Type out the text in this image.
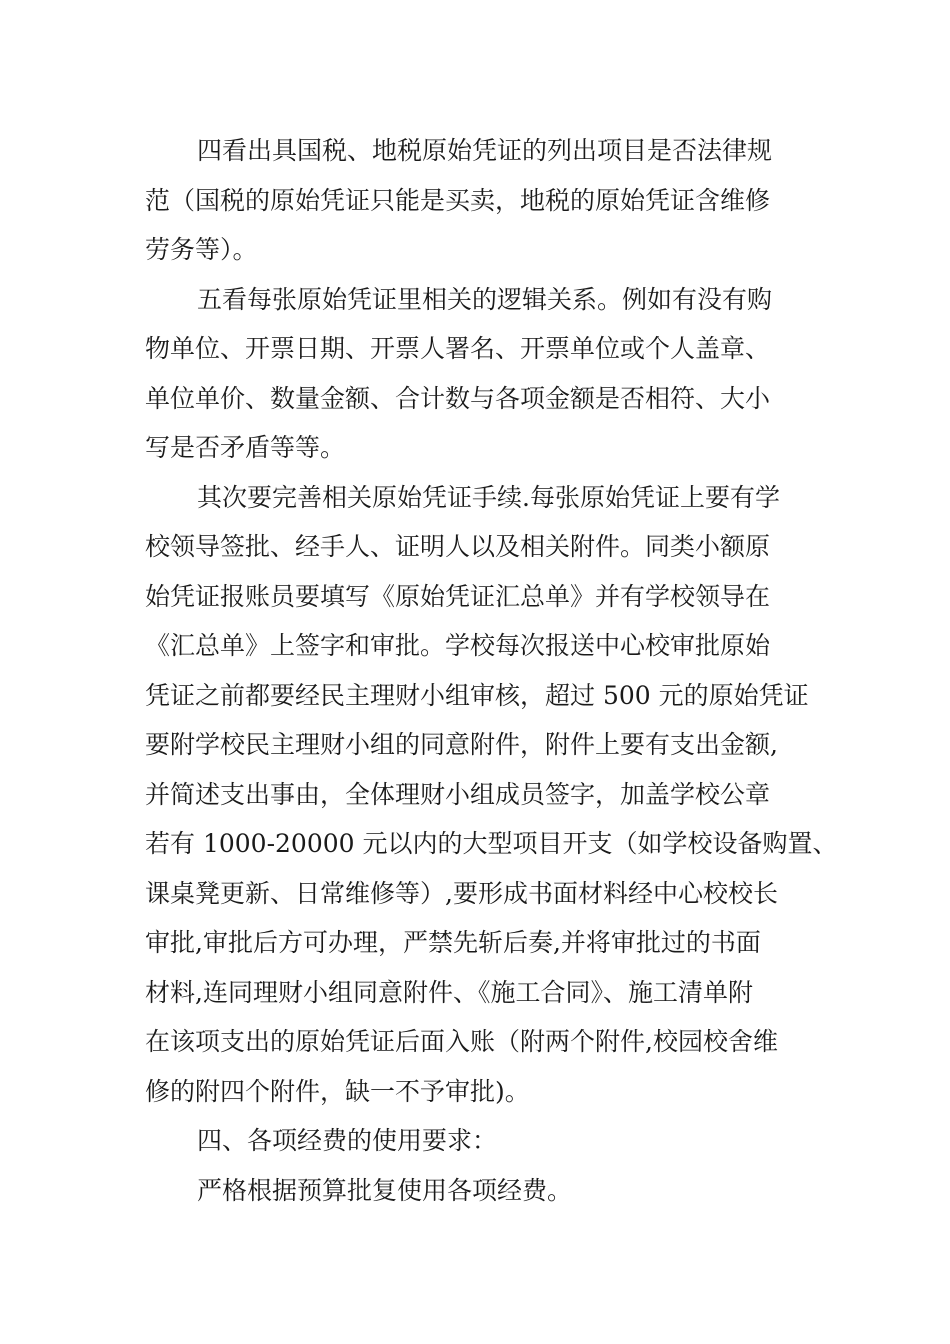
四看出具国税、地税原始凭证的列出项目是否法律规
范（国税的原始凭证只能是买卖，地税的原始凭证含维修
劳务等）。

五看每张原始凭证里相关的逻辑关系。例如有没有购
物单位、开票日期、开票人署名、开票单位或个人盖章、
单位单价、数量金额、合计数与各项金额是否相符、大小
写是否矛盾等等。

其次要完善相关原始凭证手续.每张原始凭证上要有学
校领导签批、经手人、证明人以及相关附件。同类小额原
始凭证报账员要填写《原始凭证汇总单》并有学校领导在
《汇总单》上签字和审批。学校每次报送中心校审批原始
凭证之前都要经民主理财小组审核，超过 500 元的原始凭证
要附学校民主理财小组的同意附件，附件上要有支出金额,
并简述支出事由，全体理财小组成员签字，加盖学校公章
若有 1000-20000 元以内的大型项目开支（如学校设备购置、
课桌凳更新、日常维修等）,要形成书面材料经中心校校长
审批,审批后方可办理，严禁先斩后奏,并将审批过的书面
材料,连同理财小组同意附件、《施工合同》、施工清单附
在该项支出的原始凭证后面入账（附两个附件,校园校舍维
修的附四个附件，缺一不予审批)。

四、各项经费的使用要求：

严格根据预算批复使用各项经费。
